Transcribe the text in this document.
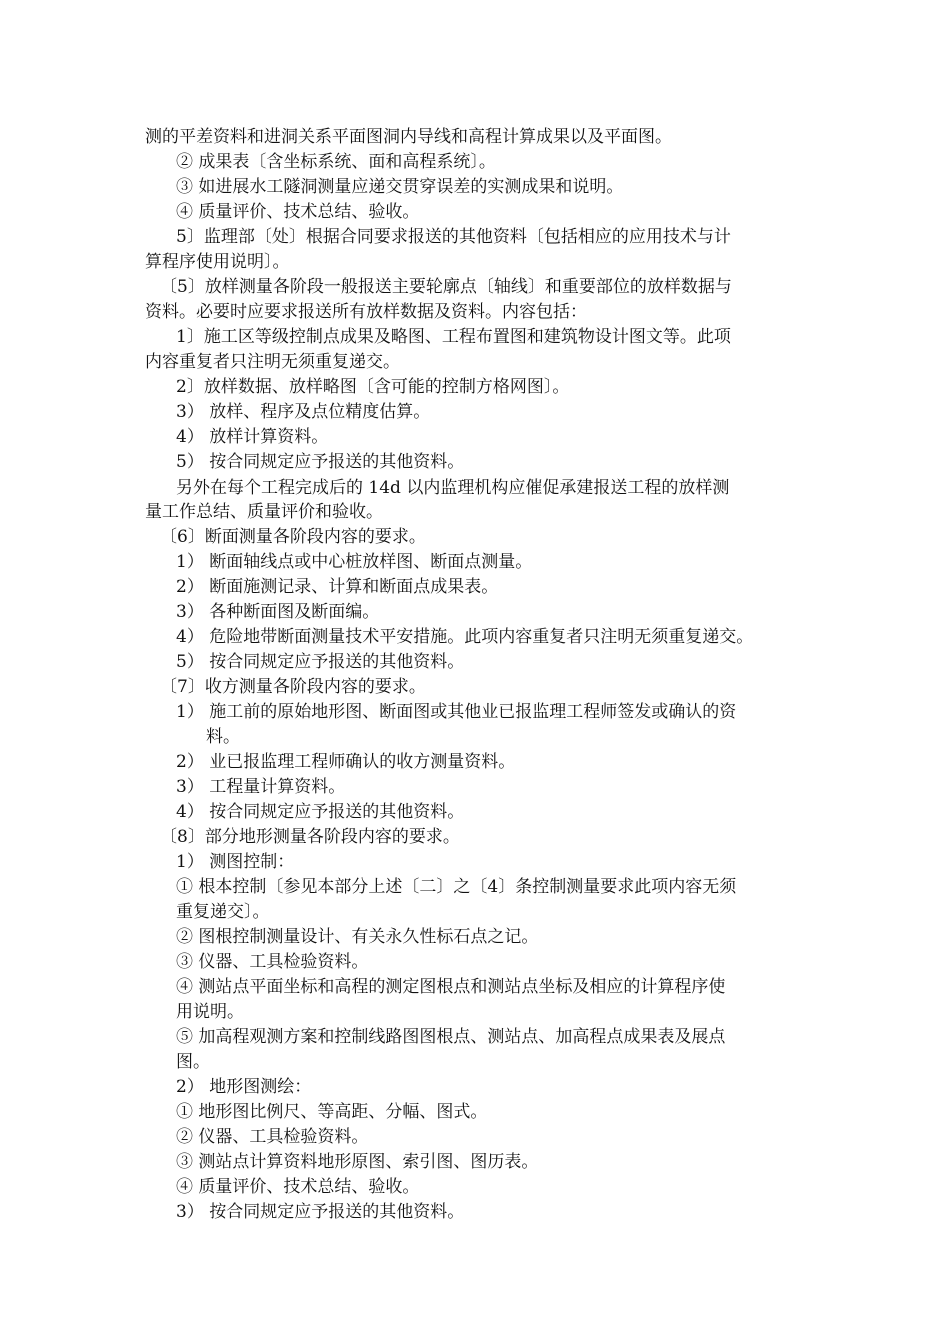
测的平差资料和进洞关系平面图洞内导线和高程计算成果以及平面图。
② 成果表〔含坐标系统、面和高程系统〕。
③ 如进展水工隧洞测量应递交贯穿误差的实测成果和说明。
④ 质量评价、技术总结、验收。
5〕监理部〔处〕根据合同要求报送的其他资料〔包括相应的应用技术与计
算程序使用说明〕。
〔5〕放样测量各阶段一般报送主要轮廓点〔轴线〕和重要部位的放样数据与
资料。必要时应要求报送所有放样数据及资料。内容包括：
1〕施工区等级控制点成果及略图、工程布置图和建筑物设计图文等。此项
内容重复者只注明无须重复递交。
2〕放样数据、放样略图〔含可能的控制方格网图〕。
3） 放样、程序及点位精度估算。
4） 放样计算资料。
5） 按合同规定应予报送的其他资料。
另外在每个工程完成后的 14d 以内监理机构应催促承建报送工程的放样测
量工作总结、质量评价和验收。
〔6〕断面测量各阶段内容的要求。
1） 断面轴线点或中心桩放样图、断面点测量。
2） 断面施测记录、计算和断面点成果表。
3） 各种断面图及断面编。
4） 危险地带断面测量技术平安措施。此项内容重复者只注明无须重复递交。
5） 按合同规定应予报送的其他资料。
〔7〕收方测量各阶段内容的要求。
1） 施工前的原始地形图、断面图或其他业已报监理工程师签发或确认的资
料。
2） 业已报监理工程师确认的收方测量资料。
3） 工程量计算资料。
4） 按合同规定应予报送的其他资料。
〔8〕部分地形测量各阶段内容的要求。
1） 测图控制：
① 根本控制〔参见本部分上述〔二〕之〔4〕条控制测量要求此项内容无须
重复递交〕。
② 图根控制测量设计、有关永久性标石点之记。
③ 仪器、工具检验资料。
④ 测站点平面坐标和高程的测定图根点和测站点坐标及相应的计算程序使
用说明。
⑤ 加高程观测方案和控制线路图图根点、测站点、加高程点成果表及展点
图。
2） 地形图测绘：
① 地形图比例尺、等高距、分幅、图式。
② 仪器、工具检验资料。
③ 测站点计算资料地形原图、索引图、图历表。
④ 质量评价、技术总结、验收。
3） 按合同规定应予报送的其他资料。
